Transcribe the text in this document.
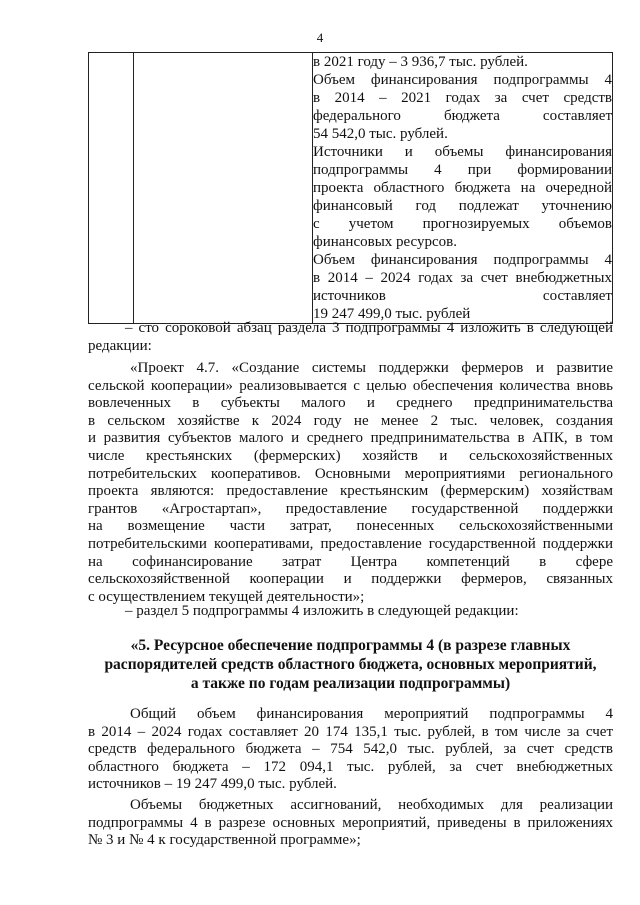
4

в 2021 году – 3 936,7 тыс. рублей.
Объем финансирования подпрограммы 4
в 2014 – 2021 годах за счет средств
федерального бюджета составляет
54 542,0 тыс. рублей.
Источники и объемы финансирования
подпрограммы 4 при формировании
проекта областного бюджета на очередной
финансовый год подлежат уточнению
с учетом прогнозируемых объемов
финансовых ресурсов.
Объем финансирования подпрограммы 4
в 2014 – 2024 годах за счет внебюджетных
источников составляет
19 247 499,0 тыс. рублей
– сто сороковой абзац раздела 3 подпрограммы 4 изложить в следующей
редакции:
«Проект 4.7. «Создание системы поддержки фермеров и развитие
сельской кооперации» реализовывается с целью обеспечения количества вновь
вовлеченных в субъекты малого и среднего предпринимательства
в сельском хозяйстве к 2024 году не менее 2 тыс. человек, создания
и развития субъектов малого и среднего предпринимательства в АПК, в том
числе крестьянских (фермерских) хозяйств и сельскохозяйственных
потребительских кооперативов. Основными мероприятиями регионального
проекта являются: предоставление крестьянским (фермерским) хозяйствам
грантов «Агростартап», предоставление государственной поддержки
на возмещение части затрат, понесенных сельскохозяйственными
потребительскими кооперативами, предоставление государственной поддержки
на софинансирование затрат Центра компетенций в сфере
сельскохозяйственной кооперации и поддержки фермеров, связанных
с осуществлением текущей деятельности»;
– раздел 5 подпрограммы 4 изложить в следующей редакции:
«5. Ресурсное обеспечение подпрограммы 4 (в разрезе главных
распорядителей средств областного бюджета, основных мероприятий,
а также по годам реализации подпрограммы)
Общий объем финансирования мероприятий подпрограммы 4
в 2014 – 2024 годах составляет 20 174 135,1 тыс. рублей, в том числе за счет
средств федерального бюджета – 754 542,0 тыс. рублей, за счет средств
областного бюджета – 172 094,1 тыс. рублей, за счет внебюджетных
источников – 19 247 499,0 тыс. рублей.
Объемы бюджетных ассигнований, необходимых для реализации
подпрограммы 4 в разрезе основных мероприятий, приведены в приложениях
№ 3 и № 4 к государственной программе»;
